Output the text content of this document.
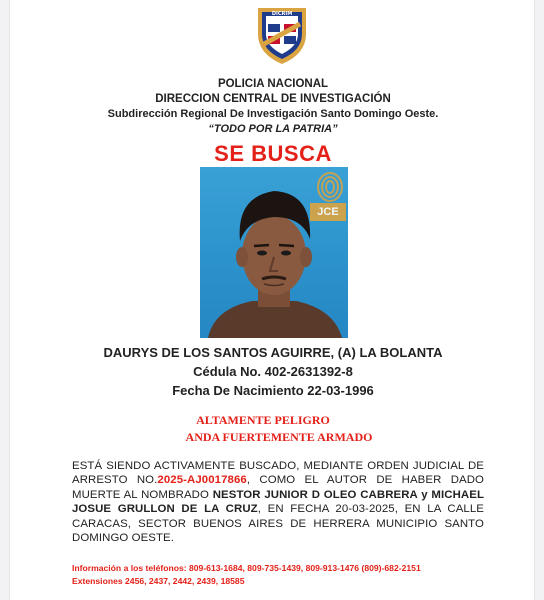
DICRIM
POLICIA NACIONAL
DIRECCION CENTRAL DE INVESTIGACIÓN
Subdirección Regional De Investigación Santo Domingo Oeste.
“TODO POR LA PATRIA”
SE BUSCA
JCE
DAURYS DE LOS SANTOS AGUIRRE, (A) LA BOLANTA
Cédula No. 402-2631392-8
Fecha De Nacimiento 22-03-1996
ALTAMENTE PELIGRO
ANDA FUERTEMENTE ARMADO
ESTÁ SIENDO ACTIVAMENTE BUSCADO, MEDIANTE ORDEN JUDICIAL DE ARRESTO NO.2025-AJ0017866, COMO EL AUTOR DE HABER DADO MUERTE AL NOMBRADO NESTOR JUNIOR D OLEO CABRERA y MICHAEL JOSUE GRULLON DE LA CRUZ, EN FECHA 20-03-2025, EN LA CALLE CARACAS, SECTOR BUENOS AIRES DE HERRERA MUNICIPIO SANTO DOMINGO OESTE.
Información a los teléfonos: 809-613-1684, 809-735-1439, 809-913-1476 (809)-682-2151
Extensiones 2456, 2437, 2442, 2439, 18585
